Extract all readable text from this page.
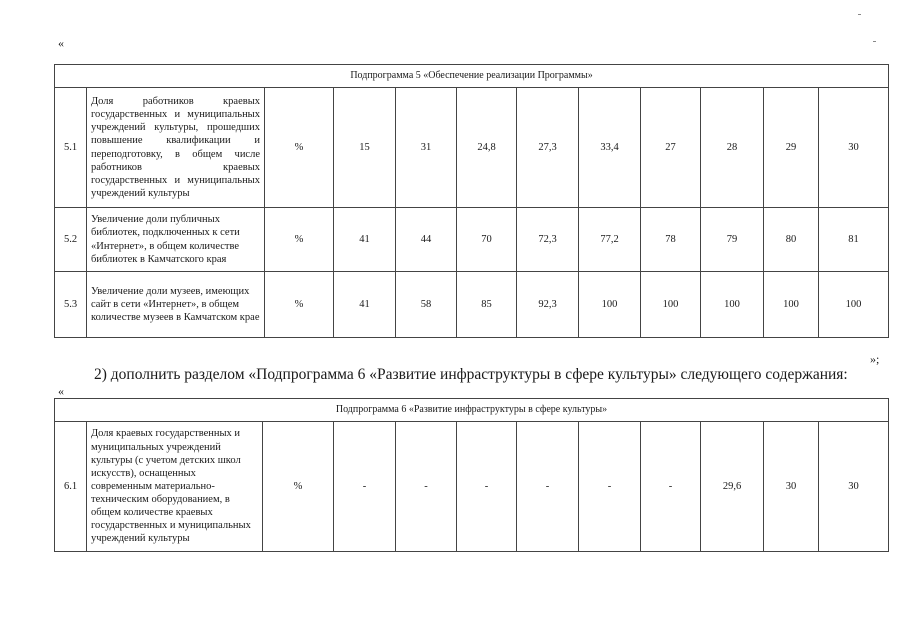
«
Подпрограмма 5 «Обеспечение реализации Программы»											
5.1	Доля работников краевых государственных и муниципальных учреждений культуры, прошедших повышение квалификации и переподготовку, в общем числе работников краевых государственных и муниципальных учреждений культуры	%	15	31	24,8	27,3	33,4	27	28	29	30
5.2	Увеличение доли публичных библиотек, подключенных к сети «Интернет», в общем количестве библиотек в Камчатского края	%	41	44	70	72,3	77,2	78	79	80	81
5.3	Увеличение доли музеев, имеющих сайт в сети «Интернет», в общем количестве музеев в Камчатском крае	%	41	58	85	92,3	100	100	100	100	100
»;
2) дополнить разделом «Подпрограмма 6 «Развитие инфраструктуры в сфере культуры» следующего содержания:
«
Подпрограмма 6 «Развитие инфраструктуры в сфере культуры»
6.1	Доля краевых государственных и муниципальных учреждений культуры (с учетом детских школ искусств), оснащенных современным материально-техническим оборудованием, в общем количестве краевых государственных и муниципальных учреждений культуры	%	-	-	-	-	-	-	29,6	30	30
